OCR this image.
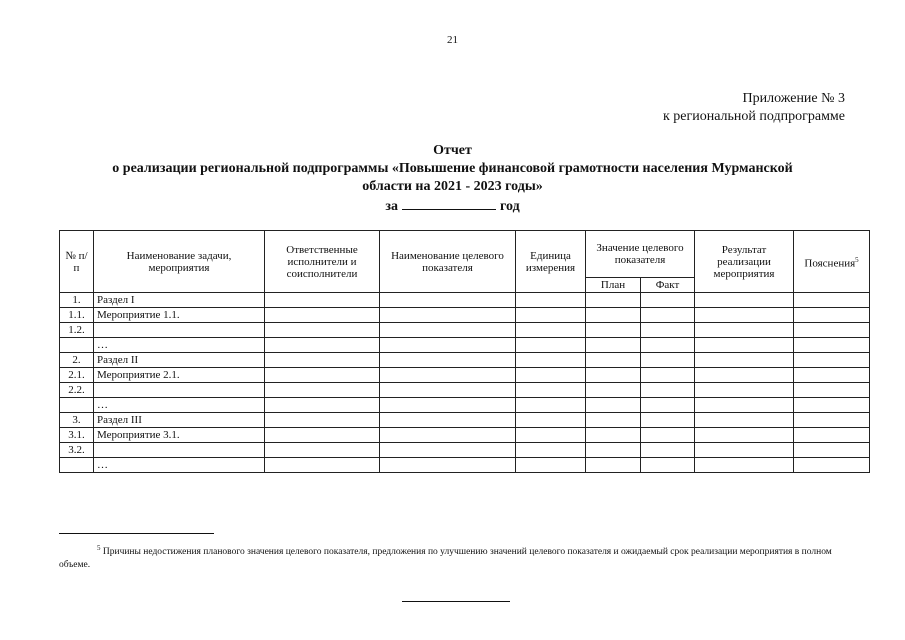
21
Приложение № 3
к региональной подпрограмме
Отчет
о реализации региональной подпрограммы «Повышение финансовой грамотности населения Мурманской
области на 2021 - 2023 годы»
за	год
№ п/п	Наименование задачи, мероприятия	Ответственные исполнители и соисполнители	Наименование целевого показателя	Единица измерения	Значение целевого показателя		Результат реализации мероприятия	Пояснения$^5$
					План	Факт		
1.	Раздел I							
1.1.	Мероприятие 1.1.							
1.2.								
	…							
2.	Раздел II							
2.1.	Мероприятие 2.1.							
2.2.								
	…							
3.	Раздел III							
3.1.	Мероприятие 3.1.							
3.2.								
	…							
$^5$ Причины недостижения планового значения целевого показателя, предложения по улучшению значений целевого показателя и ожидаемый срок реализации мероприятия в полном объеме.
